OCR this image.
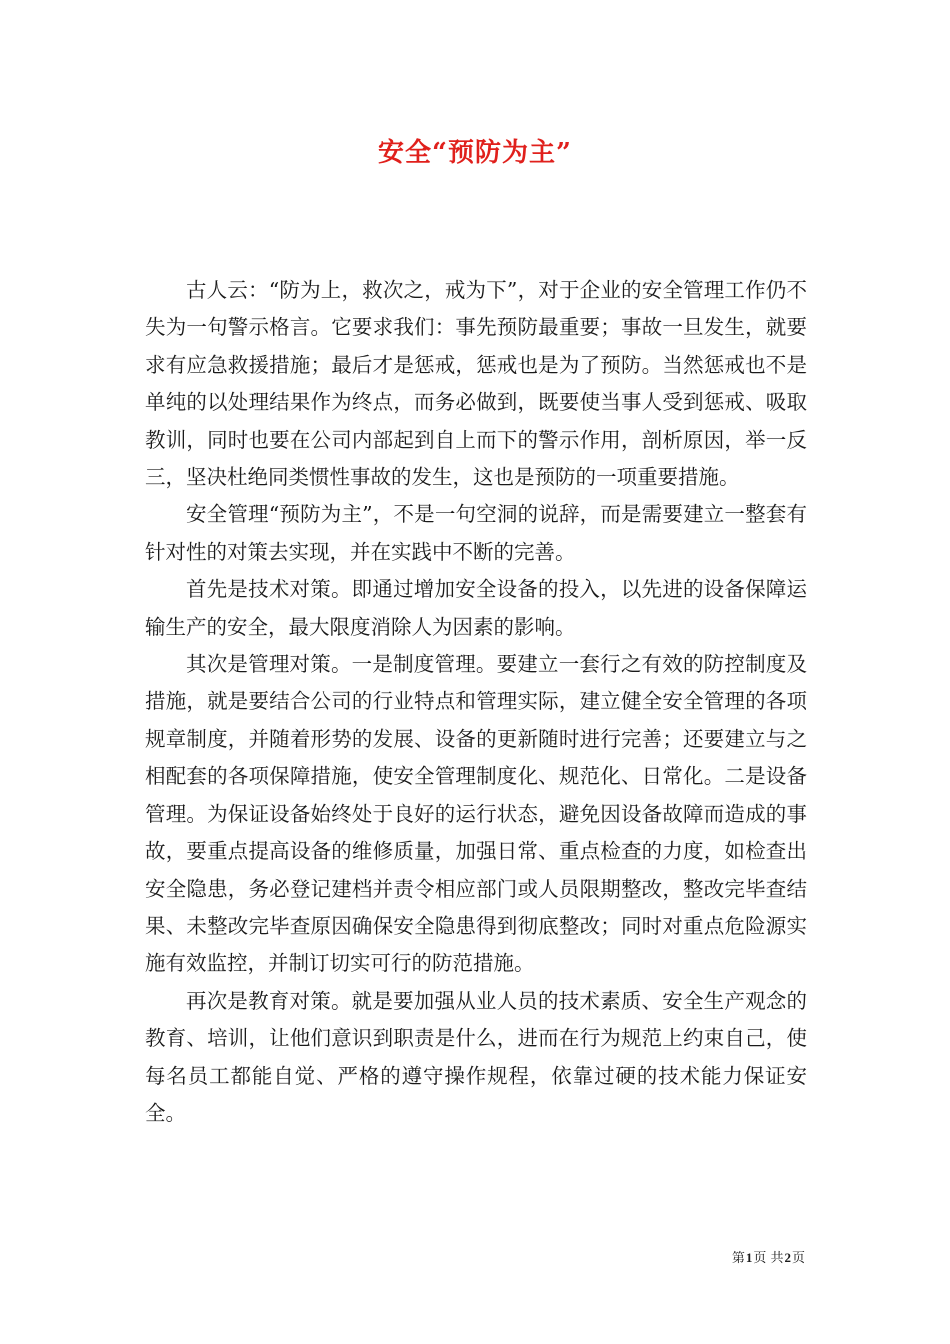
安全“预防为主”

古人云：“防为上，救次之，戒为下”，对于企业的安全管理工作仍不失为一句警示格言。它要求我们：事先预防最重要；事故一旦发生，就要求有应急救援措施；最后才是惩戒，惩戒也是为了预防。当然惩戒也不是单纯的以处理结果作为终点，而务必做到，既要使当事人受到惩戒、吸取教训，同时也要在公司内部起到自上而下的警示作用，剖析原因，举一反三，坚决杜绝同类惯性事故的发生，这也是预防的一项重要措施。

安全管理“预防为主”，不是一句空洞的说辞，而是需要建立一整套有针对性的对策去实现，并在实践中不断的完善。

首先是技术对策。即通过增加安全设备的投入，以先进的设备保障运输生产的安全，最大限度消除人为因素的影响。

其次是管理对策。一是制度管理。要建立一套行之有效的防控制度及措施，就是要结合公司的行业特点和管理实际，建立健全安全管理的各项规章制度，并随着形势的发展、设备的更新随时进行完善；还要建立与之相配套的各项保障措施，使安全管理制度化、规范化、日常化。二是设备管理。为保证设备始终处于良好的运行状态，避免因设备故障而造成的事故，要重点提高设备的维修质量，加强日常、重点检查的力度，如检查出安全隐患，务必登记建档并责令相应部门或人员限期整改，整改完毕查结果、未整改完毕查原因确保安全隐患得到彻底整改；同时对重点危险源实施有效监控，并制订切实可行的防范措施。

再次是教育对策。就是要加强从业人员的技术素质、安全生产观念的教育、培训，让他们意识到职责是什么，进而在行为规范上约束自己，使每名员工都能自觉、严格的遵守操作规程，依靠过硬的技术能力保证安全。

第1页 共2页
